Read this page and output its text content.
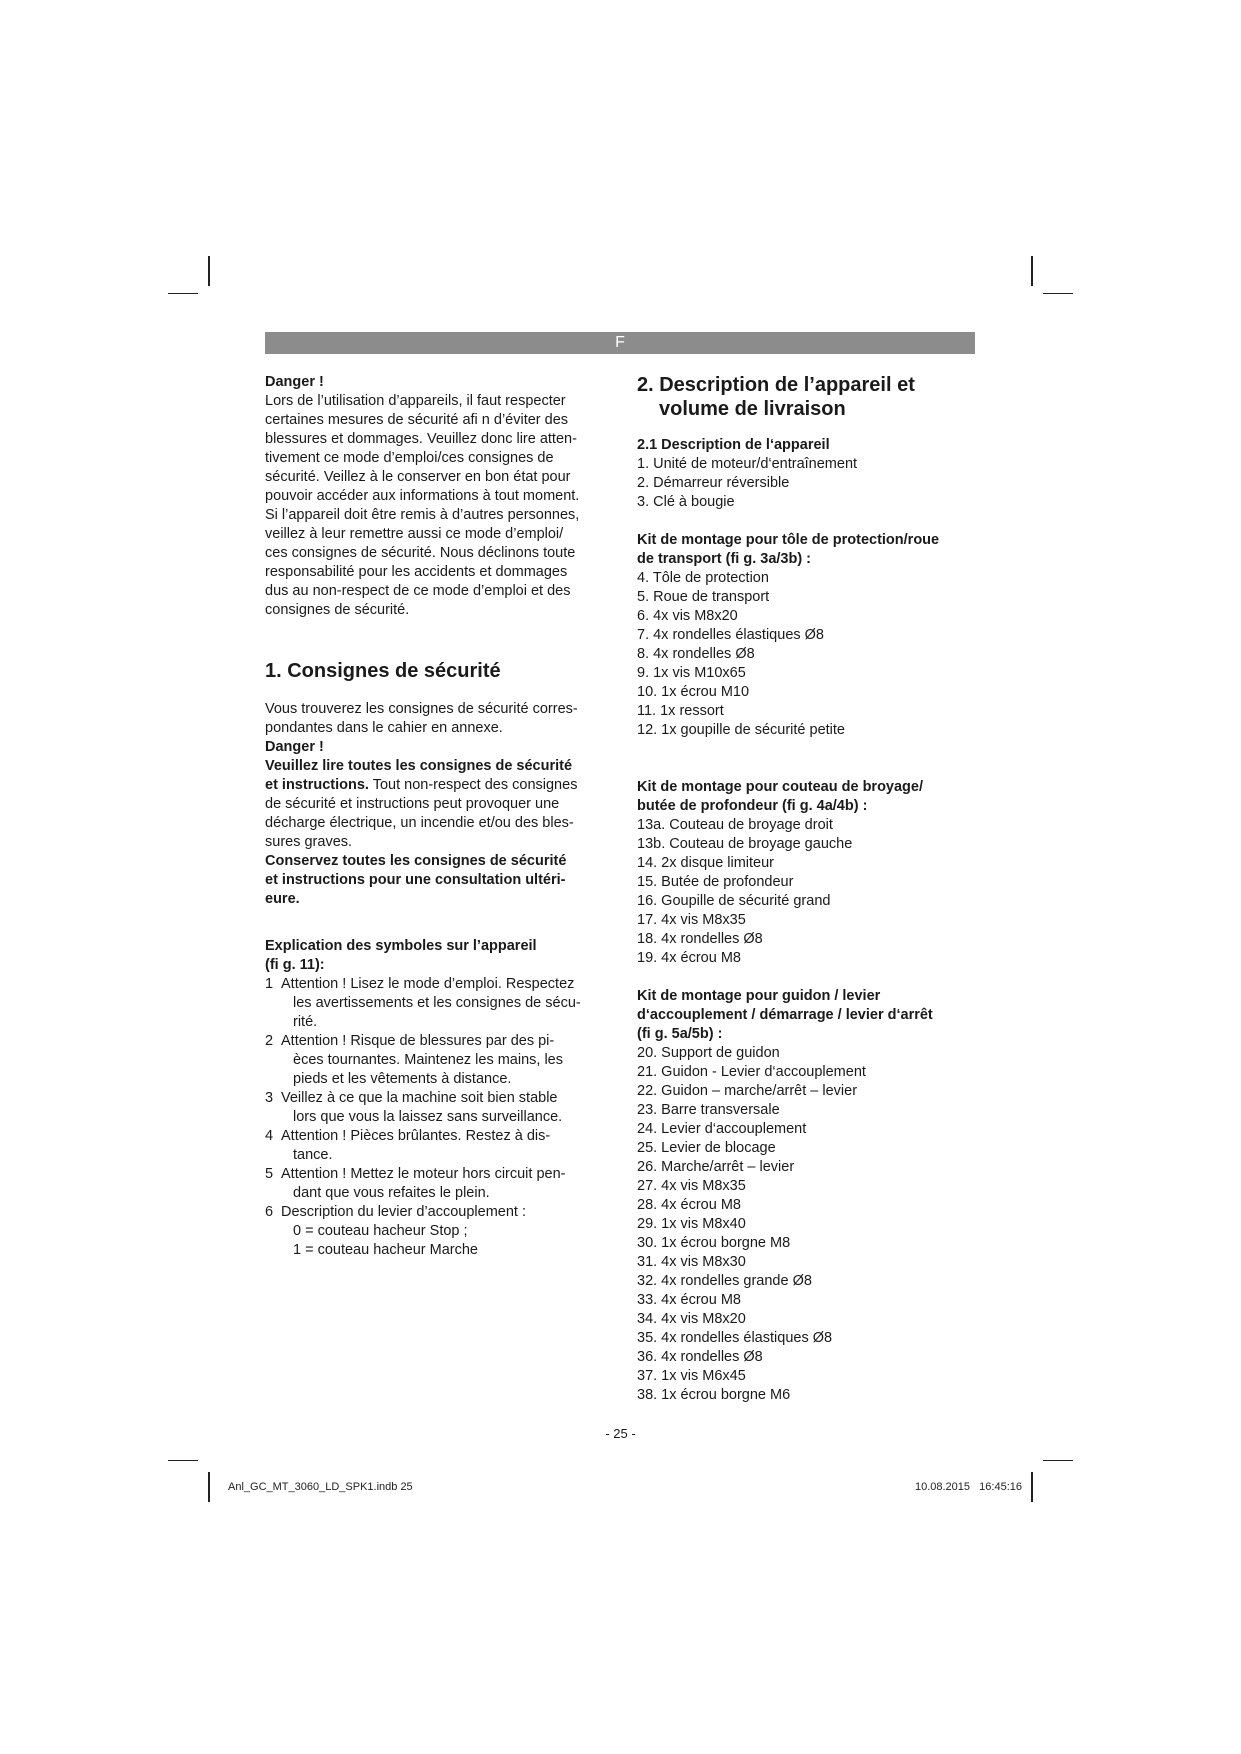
F

Danger !

Lors de l’utilisation d’appareils, il faut respecter

certaines mesures de sécurité afi n d’éviter des

blessures et dommages. Veuillez donc lire atten-

tivement ce mode d’emploi/ces consignes de

sécurité. Veillez à le conserver en bon état pour

pouvoir accéder aux informations à tout moment.

Si l’appareil doit être remis à d’autres personnes,

veillez à leur remettre aussi ce mode d’emploi/

ces consignes de sécurité. Nous déclinons toute

responsabilité pour les accidents et dommages

dus au non-respect de ce mode d’emploi et des

consignes de sécurité.

1. Consignes de sécurité

Vous trouverez les consignes de sécurité corres-

pondantes dans le cahier en annexe.

Danger !

Veuillez lire toutes les consignes de sécurité

et instructions. Tout non-respect des consignes

de sécurité et instructions peut provoquer une

décharge électrique, un incendie et/ou des bles-

sures graves.

Conservez toutes les consignes de sécurité

et instructions pour une consultation ultéri-

eure.

Explication des symboles sur l’appareil
(fi g. 11):
1 Attention ! Lisez le mode d’emploi. Respectez

les avertissements et les consignes de sécu-

rité.

2 Attention ! Risque de blessures par des pi-

èces tournantes. Maintenez les mains, les

pieds et les vêtements à distance.

3 Veillez à ce que la machine soit bien stable

lors que vous la laissez sans surveillance.

4 Attention ! Pièces brûlantes. Restez à dis-

tance.

5 Attention ! Mettez le moteur hors circuit pen-

dant que vous refaites le plein.

6 Description du levier d’accouplement :

0 = couteau hacheur Stop ;

1 = couteau hacheur Marche

2. Description de l’appareil et
volume de livraison
2.1 Description de l‘appareil
1. Unité de moteur/d‘entraînement
2. Démarreur réversible
3. Clé à bougie
Kit de montage pour tôle de protection/roue
de transport (fi g. 3a/3b) :
4. Tôle de protection
5. Roue de transport
6. 4x vis M8x20
7. 4x rondelles élastiques Ø8
8. 4x rondelles Ø8
9. 1x vis M10x65
10. 1x écrou M10
11. 1x ressort
12. 1x goupille de sécurité petite
Kit de montage pour couteau de broyage/
butée de profondeur (fi g. 4a/4b) :
13a. Couteau de broyage droit
13b. Couteau de broyage gauche
14. 2x disque limiteur
15. Butée de profondeur
16. Goupille de sécurité grand
17. 4x vis M8x35
18. 4x rondelles Ø8
19. 4x écrou M8
Kit de montage pour guidon / levier
d‘accouplement / démarrage / levier d‘arrêt
(fi g. 5a/5b) :
20. Support de guidon
21. Guidon - Levier d‘accouplement
22. Guidon – marche/arrêt – levier
23. Barre transversale
24. Levier d‘accouplement
25. Levier de blocage
26. Marche/arrêt – levier
27. 4x vis M8x35
28. 4x écrou M8
29. 1x vis M8x40
30. 1x écrou borgne M8
31. 4x vis M8x30
32. 4x rondelles grande Ø8
33. 4x écrou M8
34. 4x vis M8x20
35. 4x rondelles élastiques Ø8
36. 4x rondelles Ø8
37. 1x vis M6x45
38. 1x écrou borgne M6
- 25 -
Anl_GC_MT_3060_LD_SPK1.indb 25	10.08.2015   16:45:16
